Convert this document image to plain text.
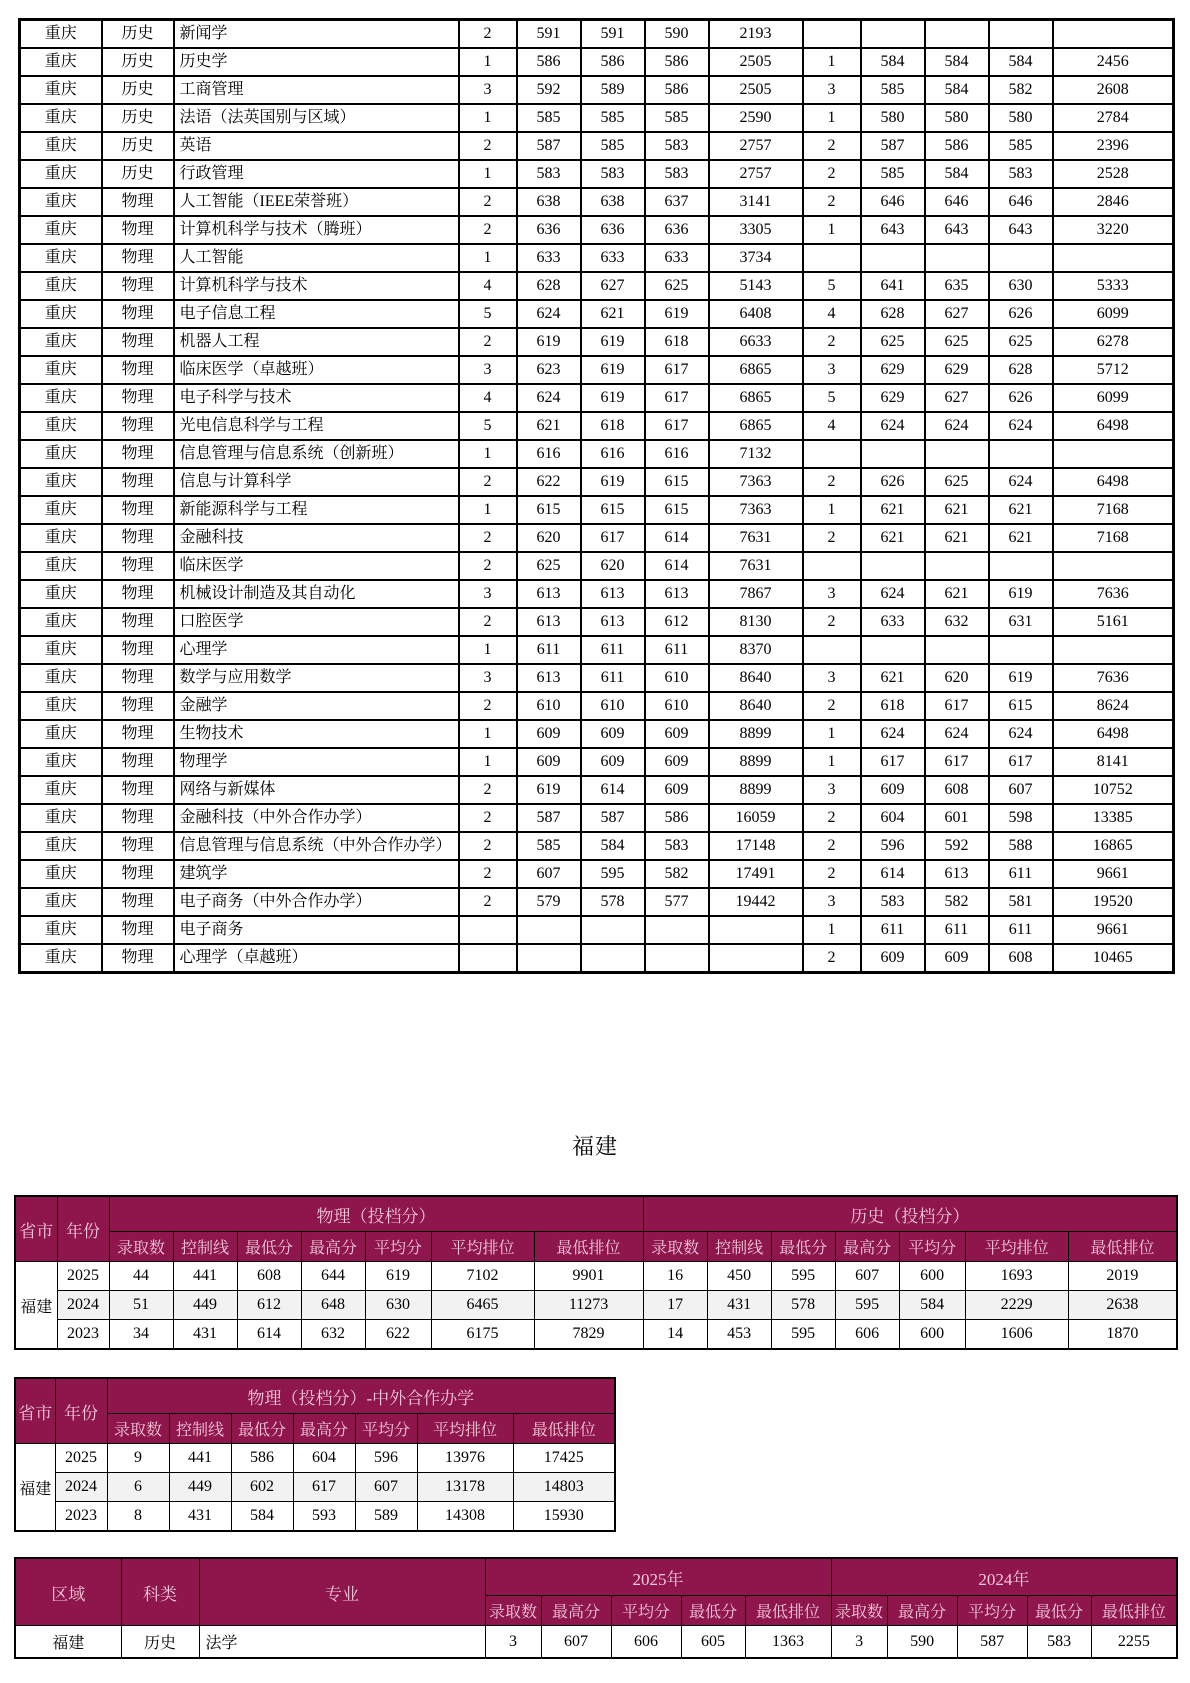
重庆	历史	新闻学	2	591	591	590	2193					
重庆	历史	历史学	1	586	586	586	2505	1	584	584	584	2456
重庆	历史	工商管理	3	592	589	586	2505	3	585	584	582	2608
重庆	历史	法语（法英国别与区域）	1	585	585	585	2590	1	580	580	580	2784
重庆	历史	英语	2	587	585	583	2757	2	587	586	585	2396
重庆	历史	行政管理	1	583	583	583	2757	2	585	584	583	2528
重庆	物理	人工智能（IEEE荣誉班）	2	638	638	637	3141	2	646	646	646	2846
重庆	物理	计算机科学与技术（腾班）	2	636	636	636	3305	1	643	643	643	3220
重庆	物理	人工智能	1	633	633	633	3734					
重庆	物理	计算机科学与技术	4	628	627	625	5143	5	641	635	630	5333
重庆	物理	电子信息工程	5	624	621	619	6408	4	628	627	626	6099
重庆	物理	机器人工程	2	619	619	618	6633	2	625	625	625	6278
重庆	物理	临床医学（卓越班）	3	623	619	617	6865	3	629	629	628	5712
重庆	物理	电子科学与技术	4	624	619	617	6865	5	629	627	626	6099
重庆	物理	光电信息科学与工程	5	621	618	617	6865	4	624	624	624	6498
重庆	物理	信息管理与信息系统（创新班）	1	616	616	616	7132					
重庆	物理	信息与计算科学	2	622	619	615	7363	2	626	625	624	6498
重庆	物理	新能源科学与工程	1	615	615	615	7363	1	621	621	621	7168
重庆	物理	金融科技	2	620	617	614	7631	2	621	621	621	7168
重庆	物理	临床医学	2	625	620	614	7631					
重庆	物理	机械设计制造及其自动化	3	613	613	613	7867	3	624	621	619	7636
重庆	物理	口腔医学	2	613	613	612	8130	2	633	632	631	5161
重庆	物理	心理学	1	611	611	611	8370					
重庆	物理	数学与应用数学	3	613	611	610	8640	3	621	620	619	7636
重庆	物理	金融学	2	610	610	610	8640	2	618	617	615	8624
重庆	物理	生物技术	1	609	609	609	8899	1	624	624	624	6498
重庆	物理	物理学	1	609	609	609	8899	1	617	617	617	8141
重庆	物理	网络与新媒体	2	619	614	609	8899	3	609	608	607	10752
重庆	物理	金融科技（中外合作办学）	2	587	587	586	16059	2	604	601	598	13385
重庆	物理	信息管理与信息系统（中外合作办学）	2	585	584	583	17148	2	596	592	588	16865
重庆	物理	建筑学	2	607	595	582	17491	2	614	613	611	9661
重庆	物理	电子商务（中外合作办学）	2	579	578	577	19442	3	583	582	581	19520
重庆	物理	电子商务						1	611	611	611	9661
重庆	物理	心理学（卓越班）						2	609	609	608	10465
福建
省市	年份	物理（投档分）							历史（投档分）						
		录取数	控制线	最低分	最高分	平均分	平均排位	最低排位	录取数	控制线	最低分	最高分	平均分	平均排位	最低排位
福建	2025	44	441	608	644	619	7102	9901	16	450	595	607	600	1693	2019
	2024	51	449	612	648	630	6465	11273	17	431	578	595	584	2229	2638
	2023	34	431	614	632	622	6175	7829	14	453	595	606	600	1606	1870
省市	年份	物理（投档分）-中外合作办学						
		录取数	控制线	最低分	最高分	平均分	平均排位	最低排位
福建	2025	9	441	586	604	596	13976	17425
	2024	6	449	602	617	607	13178	14803
	2023	8	431	584	593	589	14308	15930
区域	科类	专业	2025年					2024年				
			录取数	最高分	平均分	最低分	最低排位	录取数	最高分	平均分	最低分	最低排位
福建	历史	法学	3	607	606	605	1363	3	590	587	583	2255
